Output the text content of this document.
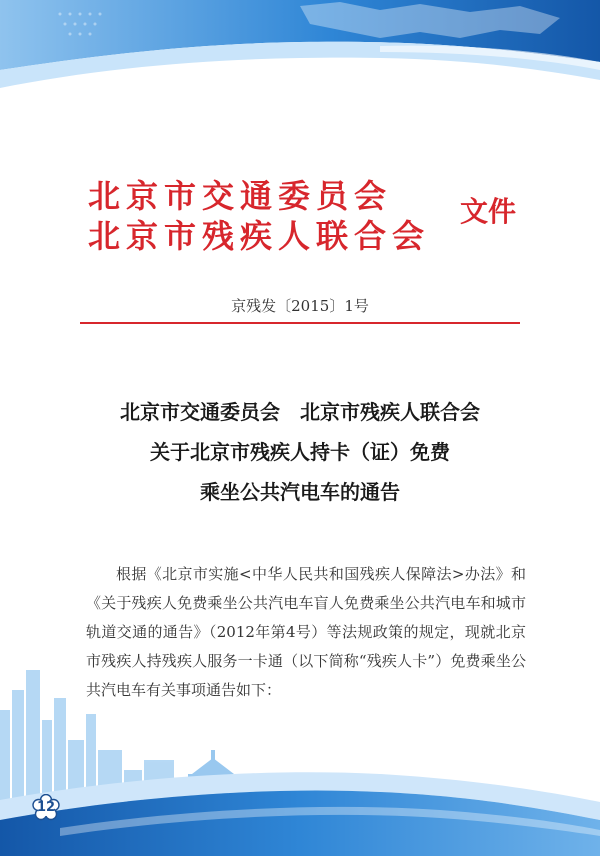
北京市交通委员会
北京市残疾人联合会
文件
京残发〔2015〕1号
北京市交通委员会　北京市残疾人联合会
关于北京市残疾人持卡（证）免费
乘坐公共汽电车的通告

根据《北京市实施<中华人民共和国残疾人保障法>办法》和《关于残疾人免费乘坐公共汽电车盲人免费乘坐公共汽电车和城市轨道交通的通告》（2012年第4号）等法规政策的规定，现就北京市残疾人持残疾人服务一卡通（以下简称“残疾人卡”）免费乘坐公共汽电车有关事项通告如下：

12
